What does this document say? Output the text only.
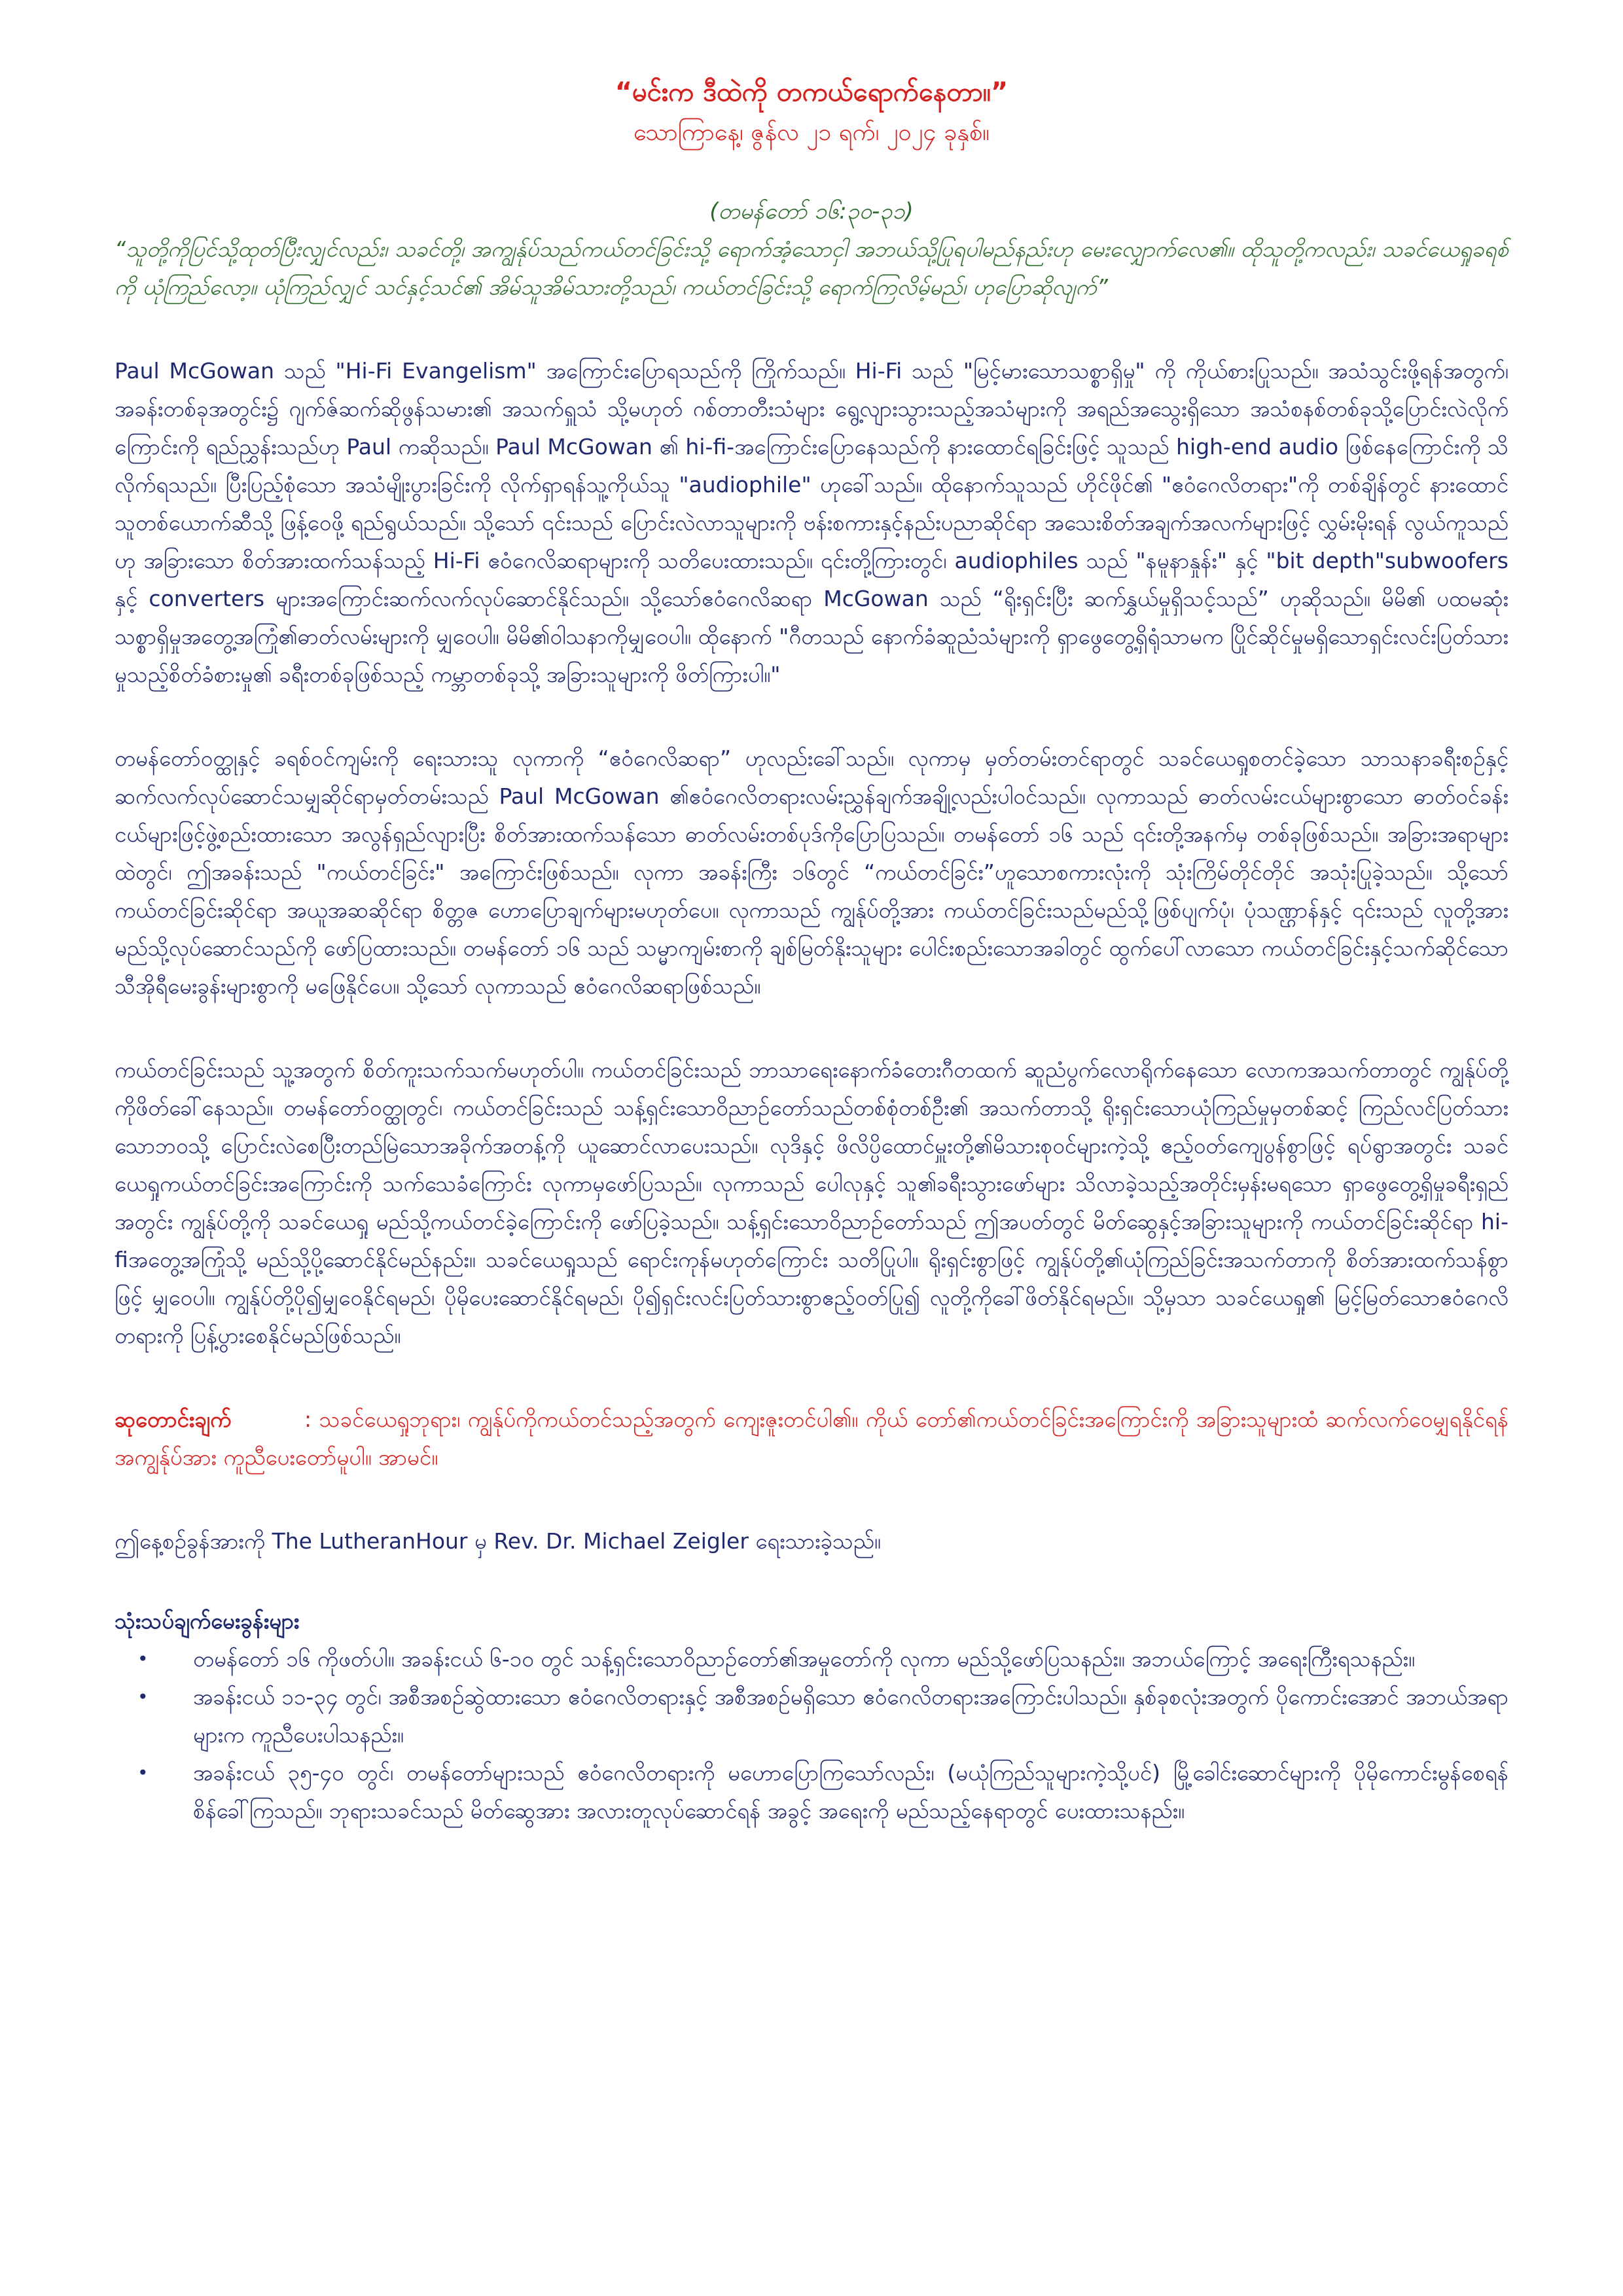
“မင်းက ဒီထဲကို တကယ်ရောက်နေတာ။”

သောကြာနေ့၊ ဇွန်လ ၂၁ ရက်၊ ၂၀၂၄ ခုနှစ်။

(တမန်တော် ၁၆:၃၀-၃၁)

“သူတို့ကိုပြင်သို့ထုတ်ပြီးလျှင်လည်း၊ သခင်တို့၊ အကျွန်ုပ်သည်ကယ်တင်ခြင်းသို့ ရောက်အံ့သောငှါ အဘယ်သို့ပြုရပါမည်နည်းဟု မေးလျှောက်လေ၏။ ထိုသူတို့ကလည်း၊ သခင်ယေရှုခရစ်ကို ယုံကြည်လော့။ ယုံကြည်လျှင် သင်နှင့်သင်၏ အိမ်သူအိမ်သားတို့သည်၊ ကယ်တင်ခြင်းသို့ ရောက်ကြလိမ့်မည်၊ ဟုပြောဆိုလျက်”

Paul McGowan သည် "Hi-Fi Evangelism" အကြောင်းပြောရသည်ကို ကြိုက်သည်။ Hi-Fi သည် "မြင့်မားသောသစ္စာရှိမှု" ကို ကိုယ်စားပြုသည်။ အသံသွင်းဖို့ရန်အတွက်၊ အခန်းတစ်ခုအတွင်း၌ ဂျက်ဇ်ဆက်ဆိုဖွန်သမား၏ အသက်ရှူသံ သို့မဟုတ် ဂစ်တာတီးသံများ ရွေ့လျားသွားသည့်အသံများကို အရည်အသွေးရှိသော အသံစနစ်တစ်ခုသို့ပြောင်းလဲလိုက်ကြောင်းကို ရည်ညွှန်းသည်ဟု Paul ကဆိုသည်။ Paul McGowan ၏ hi-fi-အကြောင်းပြောနေသည်ကို နားထောင်ရခြင်းဖြင့် သူသည် high-end audio ဖြစ်နေကြောင်းကို သိလိုက်ရသည်။ ပြီးပြည့်စုံသော အသံမျိုးပွားခြင်းကို လိုက်ရှာရန်သူ့ကိုယ်သူ "audiophile" ဟုခေါ်သည်။ ထိုနောက်သူသည် ဟိုင်ဖိုင်၏ "ဧဝံဂေလိတရား"ကို တစ်ချိန်တွင် နားထောင်သူတစ်ယောက်ဆီသို့ ဖြန့်ဝေဖို့ ရည်ရွယ်သည်။ သို့သော် ၎င်းသည် ပြောင်းလဲလာသူများကို ဗန်းစကားနှင့်နည်းပညာဆိုင်ရာ အသေးစိတ်အချက်အလက်များဖြင့် လွှမ်းမိုးရန် လွယ်ကူသည်ဟု အခြားသော စိတ်အားထက်သန်သည့် Hi-Fi ဧဝံဂေလိဆရာများကို သတိပေးထားသည်။ ၎င်းတို့ကြားတွင်၊ audiophiles သည် "နမူနာနှုန်း" နှင့် "bit depth"subwoofers နှင့် converters များအကြောင်းဆက်လက်လုပ်ဆောင်နိုင်သည်။ သို့သော်ဧဝံဂေလိဆရာ McGowan သည် “ရိုးရှင်းပြီး ဆက်နွှယ်မှုရှိသင့်သည်” ဟုဆိုသည်။ မိမိ၏ ပထမဆုံးသစ္စာရှိမှုအတွေ့အကြုံ၏ဓာတ်လမ်းများကို မျှဝေပါ။ မိမိ၏ဝါသနာကိုမျှဝေပါ။ ထိုနောက် "ဂီတသည် နောက်ခံဆူညံသံများကို ရှာဖွေတွေ့ရှိရုံသာမက ပြိုင်ဆိုင်မှုမရှိသောရှင်းလင်းပြတ်သားမှုသည့်စိတ်ခံစားမှု၏ ခရီးတစ်ခုဖြစ်သည့် ကမ္ဘာတစ်ခုသို့ အခြားသူများကို ဖိတ်ကြားပါ။"

တမန်တော်ဝတ္ထုနှင့် ခရစ်ဝင်ကျမ်းကို ရေးသားသူ လုကာကို “ဧဝံဂေလိဆရာ” ဟုလည်းခေါ်သည်။ လုကာမှ မှတ်တမ်းတင်ရာတွင် သခင်ယေရှုစတင်ခဲ့သော သာသနာခရီးစဉ်နှင့် ဆက်လက်လုပ်ဆောင်သမျှဆိုင်ရာမှတ်တမ်းသည် Paul McGowan ၏ဧဝံဂေလိတရားလမ်းညွှန်ချက်အချို့လည်းပါဝင်သည်။ လုကာသည် ဓာတ်လမ်းငယ်များစွာသော ဓာတ်ဝင်ခန်းငယ်များဖြင့်ဖွဲ့စည်းထားသော အလွန်ရှည်လျားပြီး စိတ်အားထက်သန်သော ဓာတ်လမ်းတစ်ပုဒ်ကိုပြောပြသည်။ တမန်တော် ၁၆ သည် ၎င်းတို့အနက်မှ တစ်ခုဖြစ်သည်။ အခြားအရာများထဲတွင်၊ ဤအခန်းသည် "ကယ်တင်ခြင်း" အကြောင်းဖြစ်သည်။ လုကာ အခန်းကြီး ၁၆တွင် “ကယ်တင်ခြင်း”ဟူသောစကားလုံးကို သုံးကြိမ်တိုင်တိုင် အသုံးပြုခဲ့သည်။ သို့သော် ကယ်တင်ခြင်းဆိုင်ရာ အယူအဆဆိုင်ရာ စိတ္တဇ ဟောပြောချက်များမဟုတ်ပေ။ လုကာသည် ကျွန်ုပ်တို့အား ကယ်တင်ခြင်းသည်မည်သို့ဖြစ်ပျက်ပုံ၊ ပုံသဏ္ဌာန်နှင့် ၎င်းသည် လူတို့အား မည်သို့လုပ်ဆောင်သည်ကို ဖော်ပြထားသည်။ တမန်တော် ၁၆ သည် သမ္မာကျမ်းစာကို ချစ်မြတ်နိုးသူများ ပေါင်းစည်းသောအခါတွင် ထွက်ပေါ်လာသော ကယ်တင်ခြင်းနှင့်သက်ဆိုင်သော သီအိုရီမေးခွန်းများစွာကို မဖြေနိုင်ပေ။ သို့သော် လုကာသည် ဧဝံဂေလိဆရာဖြစ်သည်။

ကယ်တင်ခြင်းသည် သူ့အတွက် စိတ်ကူးသက်သက်မဟုတ်ပါ။ ကယ်တင်ခြင်းသည် ဘာသာရေးနောက်ခံတေးဂီတထက် ဆူညံပွက်လောရိုက်နေသော လောကအသက်တာတွင် ကျွန်ုပ်တို့ကိုဖိတ်ခေါ်နေသည်။ တမန်တော်ဝတ္ထုတွင်၊ ကယ်တင်ခြင်းသည် သန့်ရှင်းသောဝိညာဉ်တော်သည်တစ်စုံတစ်ဦး၏ အသက်တာသို့ ရိုးရှင်းသောယုံကြည်မှုမှတစ်ဆင့် ကြည်လင်ပြတ်သားသောဘဝသို့ ပြောင်းလဲစေပြီးတည်မြဲသောအခိုက်အတန့်ကို ယူဆောင်လာပေးသည်။ လုဒိနှင့် ဖိလိပ္ပိထောင်မှူးတို့၏မိသားစုဝင်များကဲ့သို့ ဧည့်ဝတ်ကျေပွန်စွာဖြင့် ရပ်ရွာအတွင်း သခင်ယေရှုကယ်တင်ခြင်းအကြောင်းကို သက်သေခံကြောင်း လုကာမှဖော်ပြသည်။ လုကာသည် ပေါလုနှင့် သူ၏ခရီးသွားဖော်များ သိလာခဲ့သည့်အတိုင်းမှန်းမရသော ရှာဖွေတွေ့ရှိမှုခရီးရှည်အတွင်း ကျွန်ုပ်တို့ကို သခင်ယေရှု မည်သို့ကယ်တင်ခဲ့ကြောင်းကို ဖော်ပြခဲ့သည်။ သန့်ရှင်းသောဝိညာဉ်တော်သည် ဤအပတ်တွင် မိတ်ဆွေနှင့်အခြားသူများကို ကယ်တင်ခြင်းဆိုင်ရာ hi-fiအတွေ့အကြုံသို့ မည်သို့ပို့ဆောင်နိုင်မည်နည်း။ သခင်ယေရှုသည် ရောင်းကုန်မဟုတ်ကြောင်း သတိပြုပါ။ ရိုးရှင်းစွာဖြင့် ကျွန်ုပ်တို့၏ယုံကြည်ခြင်းအသက်တာကို စိတ်အားထက်သန်စွာဖြင့် မျှဝေပါ။ ကျွန်ုပ်တို့ပို၍မျှဝေနိုင်ရမည်၊ ပိုမိုပေးဆောင်နိုင်ရမည်၊ ပို၍ရှင်းလင်းပြတ်သားစွာဧည့်ဝတ်ပြု၍ လူတို့ကိုခေါ်ဖိတ်နိုင်ရမည်။ သို့မှသာ သခင်ယေရှု၏ မြင့်မြတ်သောဧဝံဂေလိတရားကို ပြန့်ပွားစေနိုင်မည်ဖြစ်သည်။

ဆုတောင်းချက်	: သခင်ယေရှုဘုရား၊ ကျွန်ုပ်ကိုကယ်တင်သည့်အတွက် ကျေးဇူးတင်ပါ၏။ ကိုယ် တော်၏ကယ်တင်ခြင်းအကြောင်းကို အခြားသူများထံ ဆက်လက်ဝေမျှရနိုင်ရန် အကျွန်ုပ်အား ကူညီပေးတော်မူပါ။ အာမင်။

ဤနေ့စဉ်ခွန်အားကို The LutheranHour မှ Rev. Dr. Michael Zeigler ရေးသားခဲ့သည်။

သုံးသပ်ချက်မေးခွန်းများ

• တမန်တော် ၁၆ ကိုဖတ်ပါ။ အခန်းငယ် ၆-၁၀ တွင် သန့်ရှင်းသောဝိညာဉ်တော်၏အမှုတော်ကို လုကာ မည်သို့ဖော်ပြသနည်း။ အဘယ်ကြောင့် အရေးကြီးရသနည်း။
• အခန်းငယ် ၁၁-၃၄ တွင်၊ အစီအစဉ်ဆွဲထားသော ဧဝံဂေလိတရားနှင့် အစီအစဉ်မရှိသော ဧဝံဂေလိတရားအကြောင်းပါသည်။ နှစ်ခုစလုံးအတွက် ပိုကောင်းအောင် အဘယ်အရာများက ကူညီပေးပါသနည်း။
• အခန်းငယ် ၃၅-၄၀ တွင်၊ တမန်တော်များသည် ဧဝံဂေလိတရားကို မဟောပြောကြသော်လည်း၊ (မယုံကြည်သူများကဲ့သို့ပင်) မြို့ခေါင်းဆောင်များကို ပိုမိုကောင်းမွန်စေရန် စိန်ခေါ်ကြသည်။ ဘုရားသခင်သည် မိတ်ဆွေအား အလားတူလုပ်ဆောင်ရန် အခွင့် အရေးကို မည်သည့်နေရာတွင် ပေးထားသနည်း။
